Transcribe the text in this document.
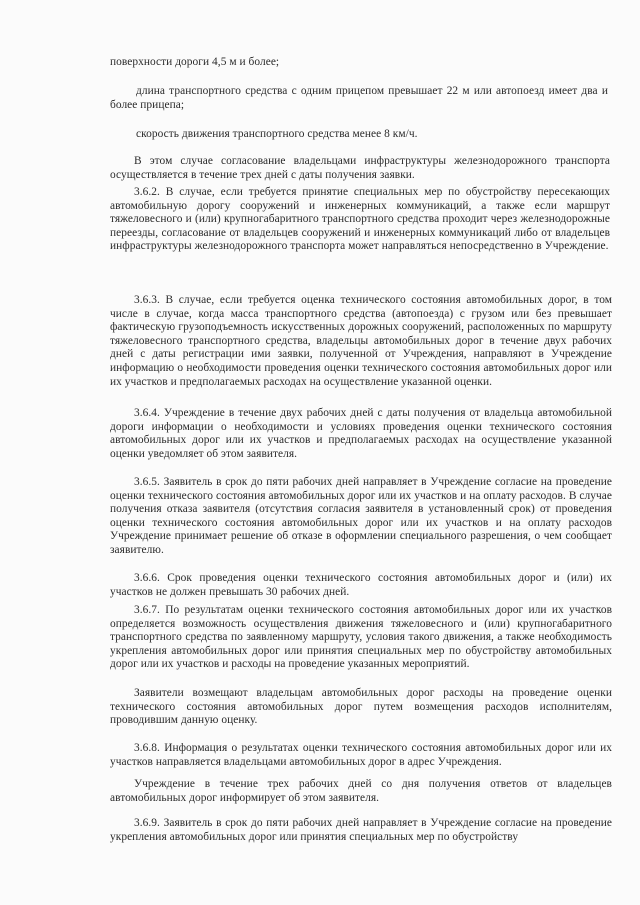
поверхности дороги 4,5 м и более;

длина транспортного средства с одним прицепом превышает 22 м или автопоезд имеет два и более прицепа;

скорость движения транспортного средства менее 8 км/ч.

В этом случае согласование владельцами инфраструктуры железнодорожного транспорта осуществляется в течение трех дней с даты получения заявки.

3.6.2. В случае, если требуется принятие специальных мер по обустройству пересекающих автомобильную дорогу сооружений и инженерных коммуникаций, а также если маршрут тяжеловесного и (или) крупногабаритного транспортного средства проходит через железнодорожные переезды, согласование от владельцев сооружений и инженерных коммуникаций либо от владельцев инфраструктуры железнодорожного транспорта может направляться непосредственно в Учреждение.

3.6.3. В случае, если требуется оценка технического состояния автомобильных дорог, в том числе в случае, когда масса транспортного средства (автопоезда) с грузом или без превышает фактическую грузоподъемность искусственных дорожных сооружений, расположенных по маршруту тяжеловесного транспортного средства, владельцы автомобильных дорог в течение двух рабочих дней с даты регистрации ими заявки, полученной от Учреждения, направляют в Учреждение информацию о необходимости проведения оценки технического состояния автомобильных дорог или их участков и предполагаемых расходах на осуществление указанной оценки.

3.6.4. Учреждение в течение двух рабочих дней с даты получения от владельца автомобильной дороги информации о необходимости и условиях проведения оценки технического состояния автомобильных дорог или их участков и предполагаемых расходах на осуществление указанной оценки уведомляет об этом заявителя.

3.6.5. Заявитель в срок до пяти рабочих дней направляет в Учреждение согласие на проведение оценки технического состояния автомобильных дорог или их участков и на оплату расходов. В случае получения отказа заявителя (отсутствия согласия заявителя в установленный срок) от проведения оценки технического состояния автомобильных дорог или их участков и на оплату расходов Учреждение принимает решение об отказе в оформлении специального разрешения, о чем сообщает заявителю.

3.6.6. Срок проведения оценки технического состояния автомобильных дорог и (или) их участков не должен превышать 30 рабочих дней.

3.6.7. По результатам оценки технического состояния автомобильных дорог или их участков определяется возможность осуществления движения тяжеловесного и (или) крупногабаритного транспортного средства по заявленному маршруту, условия такого движения, а также необходимость укрепления автомобильных дорог или принятия специальных мер по обустройству автомобильных дорог или их участков и расходы на проведение указанных мероприятий.

Заявители возмещают владельцам автомобильных дорог расходы на проведение оценки технического состояния автомобильных дорог путем возмещения расходов исполнителям, проводившим данную оценку.

3.6.8. Информация о результатах оценки технического состояния автомобильных дорог или их участков направляется владельцами автомобильных дорог в адрес Учреждения.

Учреждение в течение трех рабочих дней со дня получения ответов от владельцев автомобильных дорог информирует об этом заявителя.

3.6.9. Заявитель в срок до пяти рабочих дней направляет в Учреждение согласие на проведение укрепления автомобильных дорог или принятия специальных мер по обустройству
